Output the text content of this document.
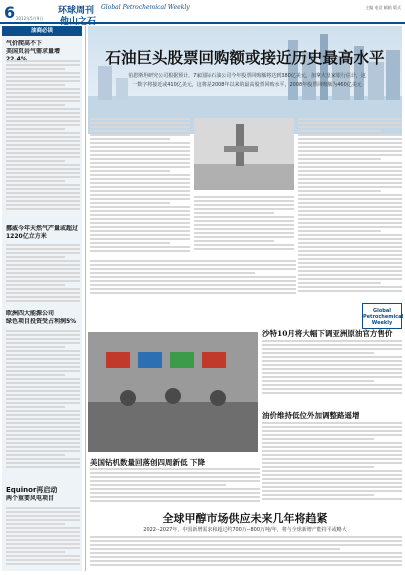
6	环球周刊 Global Petrochemical Weekly
2012年5月9日
主编 电话 邮箱 版式
油商必读
气价爬高不下
美国页岩气需求量增
挪威今年天然气产量或超过1220亿立方米
欧洲四大能源公司
绿色项目投资受占利润5%
Equinor再启动
两个重要风电项目
石油巨头股票回购额或接近历史最高水平
伯恩斯坦研究公司根据预计，7家国际石油公司今年股票回购额将达到380亿美元，加拿大皇家银行估计，这一数字将接近或410亿美元，这将是2008年以来的最高股票回购水平，2008年股票回购额为460亿美元
Global Petrochemical Weekly
沙特10月将大幅下调亚洲原油官方售价
油价维持低位外加调整路遥增
美国钻机数量回落创四周新低 下降
全球甲醇市场供应未来几年将趋紧
2022--2027年，中国新增需求和超过约700万--800万吨/年，将与全球新增产能持平或略大
